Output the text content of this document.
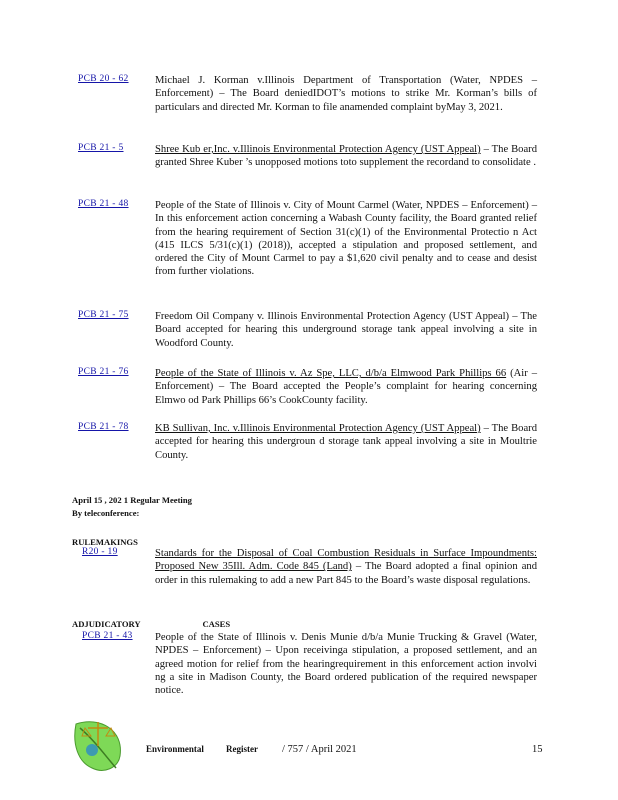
PCB 20 - 62	Michael J. Korman v.Illinois Department of Transportation (Water, NPDES – Enforcement) – The Board deniedIDOT’s motions to strike Mr. Korman’s bills of particulars and directed Mr. Korman to file anamended complaint byMay 3, 2021.
PCB 21 - 5	Shree Kub er,Inc. v.Illinois Environmental Protection Agency (UST Appeal) – The Board granted Shree Kuber ’s unopposed motions toto supplement the recordand to consolidate .
PCB 21 - 48	People of the State of Illinois v. City of Mount Carmel (Water, NPDES – Enforcement) – In this enforcement action concerning a Wabash County facility, the Board granted relief from the hearing requirement of Section 31(c)(1) of the Environmental Protectio n Act (415 ILCS 5/31(c)(1) (2018)), accepted a stipulation and proposed settlement, and ordered the City of Mount Carmel to pay a $1,620 civil penalty and to cease and desist from further violations.
PCB 21 - 75	Freedom Oil Company v. Illinois Environmental Protection Agency (UST Appeal) – The Board accepted for hearing this underground storage tank appeal involving a site in Woodford County.
PCB 21 - 76	People of the State of Illinois v. Az Spe, LLC, d/b/a Elmwood Park Phillips 66 (Air – Enforcement) – The Board accepted the People’s complaint for hearing concerning Elmwo od Park Phillips 66’s CookCounty facility.
PCB 21 - 78	KB Sullivan, Inc. v.Illinois Environmental Protection Agency (UST Appeal) – The Board accepted for hearing this undergroun d storage tank appeal involving a site in Moultrie County.
April 15 , 202 1 Regular Meeting
By teleconference:
RULEMAKINGS
R20 - 19	Standards for the Disposal of Coal Combustion Residuals in Surface Impoundments: Proposed New 35Ill. Adm. Code 845 (Land) – The Board adopted a final opinion and order in this rulemaking to add a new Part 845 to the Board’s waste disposal regulations.
ADJUDICATORY CASES
PCB 21 - 43	People of the State of Illinois v. Denis Munie d/b/a Munie Trucking & Gravel (Water, NPDES – Enforcement) – Upon receivinga stipulation, a proposed settlement, and an agreed motion for relief from the hearingrequirement in this enforcement action involvi ng a site in Madison County, the Board ordered publication of the required newspaper notice.
Environmental Register / 757 / April 2021	15
